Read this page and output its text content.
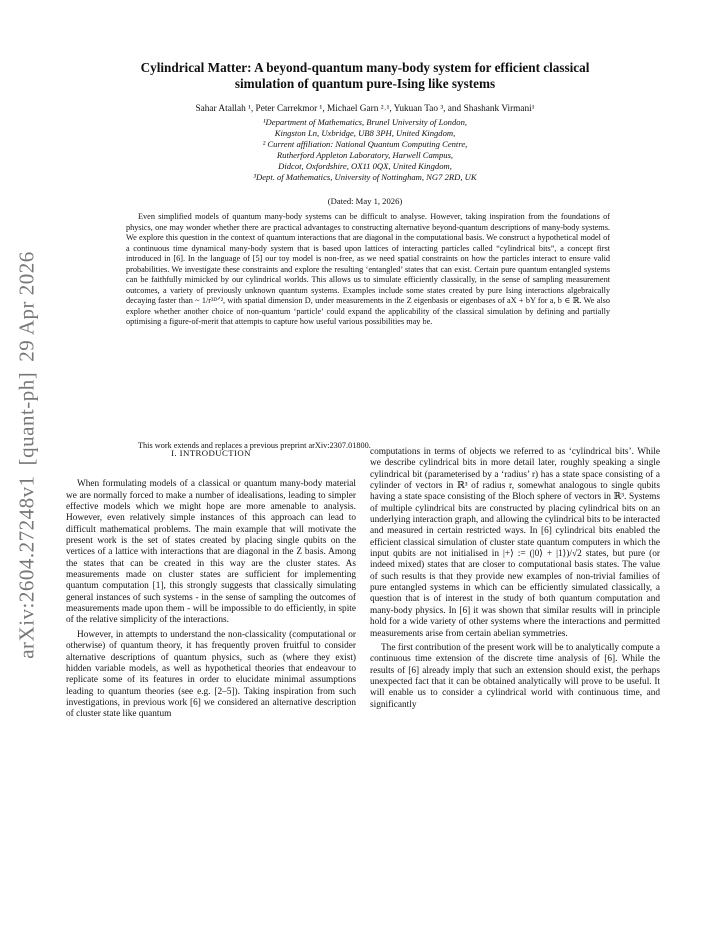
arXiv:2604.27248v1[quant-ph]29 Apr 2026
Cylindrical Matter: A beyond-quantum many-body system for efficient classical
simulation of quantum pure-Ising like systems
Sahar Atallah ¹, Peter Carrekmor ¹, Michael Garn ²˒¹, Yukuan Tao ³, and Shashank Virmani¹
¹Department of Mathematics, Brunel University of London,
Kingston Ln, Uxbridge, UB8 3PH, United Kingdom,
² Current affiliation: National Quantum Computing Centre,
Rutherford Appleton Laboratory, Harwell Campus,
Didcot, Oxfordshire, OX11 0QX, United Kingdom,
³Dept. of Mathematics, University of Nottingham, NG7 2RD, UK
(Dated: May 1, 2026)

Even simplified models of quantum many-body systems can be difficult to analyse. However, taking inspiration from the foundations of physics, one may wonder whether there are practical advantages to constructing alternative beyond-quantum descriptions of many-body systems. We explore this question in the context of quantum interactions that are diagonal in the computational basis. We construct a hypothetical model of a continuous time dynamical many-body system that is based upon lattices of interacting particles called “cylindrical bits”, a concept first introduced in [6]. In the language of [5] our toy model is non-free, as we need spatial constraints on how the particles interact to ensure valid probabilities. We investigate these constraints and explore the resulting ‘entangled’ states that can exist. Certain pure quantum entangled systems can be faithfully mimicked by our cylindrical worlds. This allows us to simulate efficiently classically, in the sense of sampling measurement outcomes, a variety of previously unknown quantum systems. Examples include some states created by pure Ising interactions algebraically decaying faster than ~ 1/r³ᴰᐟ², with spatial dimension D, under measurements in the Z eigenbasis or eigenbases of aX + bY for a, b ∈ ℝ. We also explore whether another choice of non-quantum ‘particle’ could expand the applicability of the classical simulation by defining and partially optimising a figure-of-merit that attempts to capture how useful various possibilities may be.

This work extends and replaces a previous preprint arXiv:2307.01800.
I. INTRODUCTION

When formulating models of a classical or quantum many-body material we are normally forced to make a number of idealisations, leading to simpler effective models which we might hope are more amenable to analysis. However, even relatively simple instances of this approach can lead to difficult mathematical problems. The main example that will motivate the present work is the set of states created by placing single qubits on the vertices of a lattice with interactions that are diagonal in the Z basis. Among the states that can be created in this way are the cluster states. As measurements made on cluster states are sufficient for implementing quantum computation [1], this strongly suggests that classically simulating general instances of such systems - in the sense of sampling the outcomes of measurements made upon them - will be impossible to do efficiently, in spite of the relative simplicity of the interactions.

However, in attempts to understand the non-classicality (computational or otherwise) of quantum theory, it has frequently proven fruitful to consider alternative descriptions of quantum physics, such as (where they exist) hidden variable models, as well as hypothetical theories that endeavour to replicate some of its features in order to elucidate minimal assumptions leading to quantum theories (see e.g. [2–5]). Taking inspiration from such investigations, in previous work [6] we considered an alternative description of cluster state like quantum

computations in terms of objects we referred to as ‘cylindrical bits’. While we describe cylindrical bits in more detail later, roughly speaking a single cylindrical bit (parameterised by a ‘radius’ r) has a state space consisting of a cylinder of vectors in ℝ³ of radius r, somewhat analogous to single qubits having a state space consisting of the Bloch sphere of vectors in ℝ³. Systems of multiple cylindrical bits are constructed by placing cylindrical bits on an underlying interaction graph, and allowing the cylindrical bits to be interacted and measured in certain restricted ways. In [6] cylindrical bits enabled the efficient classical simulation of cluster state quantum computers in which the input qubits are not initialised in |+⟩ := (|0⟩ + |1⟩)/√2 states, but pure (or indeed mixed) states that are closer to computational basis states. The value of such results is that they provide new examples of non-trivial families of pure entangled systems in which can be efficiently simulated classically, a question that is of interest in the study of both quantum computation and many-body physics. In [6] it was shown that similar results will in principle hold for a wide variety of other systems where the interactions and permitted measurements arise from certain abelian symmetries.

The first contribution of the present work will be to analytically compute a continuous time extension of the discrete time analysis of [6]. While the results of [6] already imply that such an extension should exist, the perhaps unexpected fact that it can be obtained analytically will prove to be useful. It will enable us to consider a cylindrical world with continuous time, and significantly
